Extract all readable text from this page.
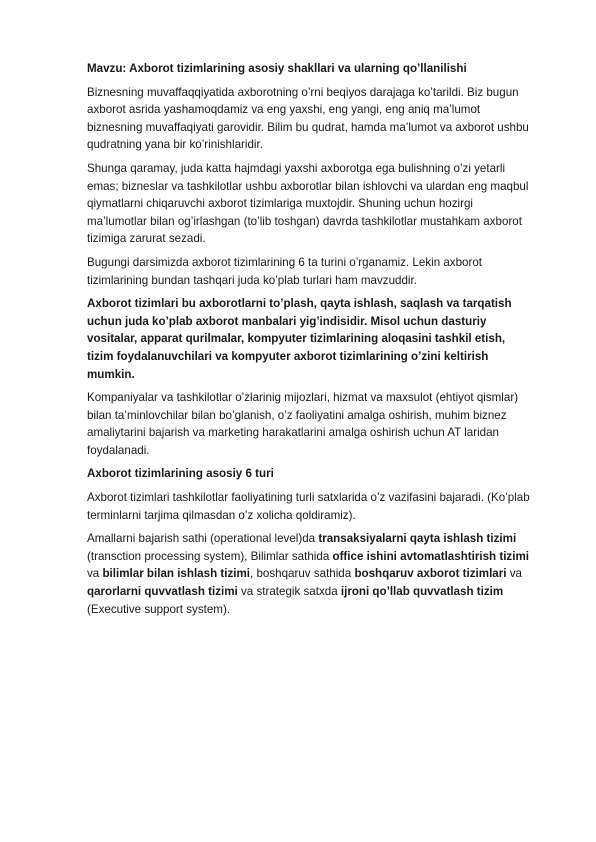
Mavzu: Axborot tizimlarining asosiy shakllari va ularning qo’llanilishi

Biznesning muvaffaqqiyatida axborotning o’rni beqiyos darajaga ko’tarildi. Biz bugun axborot asrida yashamoqdamiz va eng yaxshi, eng yangi, eng aniq ma’lumot biznesning muvaffaqiyati garovidir. Bilim bu qudrat, hamda ma’lumot va axborot ushbu qudratning yana bir ko’rinishlaridir.

Shunga qaramay, juda katta hajmdagi yaxshi axborotga ega bulishning o’zi yetarli emas; bizneslar va tashkilotlar ushbu axborotlar bilan ishlovchi va ulardan eng maqbul qiymatlarni chiqaruvchi axborot tizimlariga muxtojdir. Shuning uchun hozirgi ma’lumotlar bilan og’irlashgan (to’lib toshgan) davrda tashkilotlar mustahkam axborot tizimiga zarurat sezadi.

Bugungi darsimizda axborot tizimlarining 6 ta turini o’rganamiz. Lekin axborot tizimlarining bundan tashqari juda ko’plab turlari ham mavzuddir.

Axborot tizimlari bu axborotlarni to’plash, qayta ishlash, saqlash va tarqatish uchun juda ko’plab axborot manbalari yig’indisidir. Misol uchun dasturiy vositalar, apparat qurilmalar, kompyuter tizimlarining aloqasini tashkil etish, tizim foydalanuvchilari va kompyuter axborot tizimlarining o’zini keltirish mumkin.

Kompaniyalar va tashkilotlar o’zlarinig mijozlari, hizmat va maxsulot (ehtiyot qismlar) bilan ta’minlovchilar bilan bo’glanish, o’z faoliyatini amalga oshirish, muhim biznez amaliytarini bajarish va marketing harakatlarini amalga oshirish uchun AT laridan foydalanadi.

Axborot tizimlarining asosiy 6 turi

Axborot tizimlari tashkilotlar faoliyatining turli satxlarida o’z vazifasini bajaradi. (Ko’plab terminlarni tarjima qilmasdan o’z xolicha qoldiramiz).

Amallarni bajarish sathi (operational level)da transaksiyalarni qayta ishlash tizimi (transction processing system), Bilimlar sathida office ishini avtomatlashtirish tizimi va bilimlar bilan ishlash tizimi, boshqaruv sathida boshqaruv axborot tizimlari va qarorlarni quvvatlash tizimi va strategik satxda ijroni qo’llab quvvatlash tizim (Executive support system).
